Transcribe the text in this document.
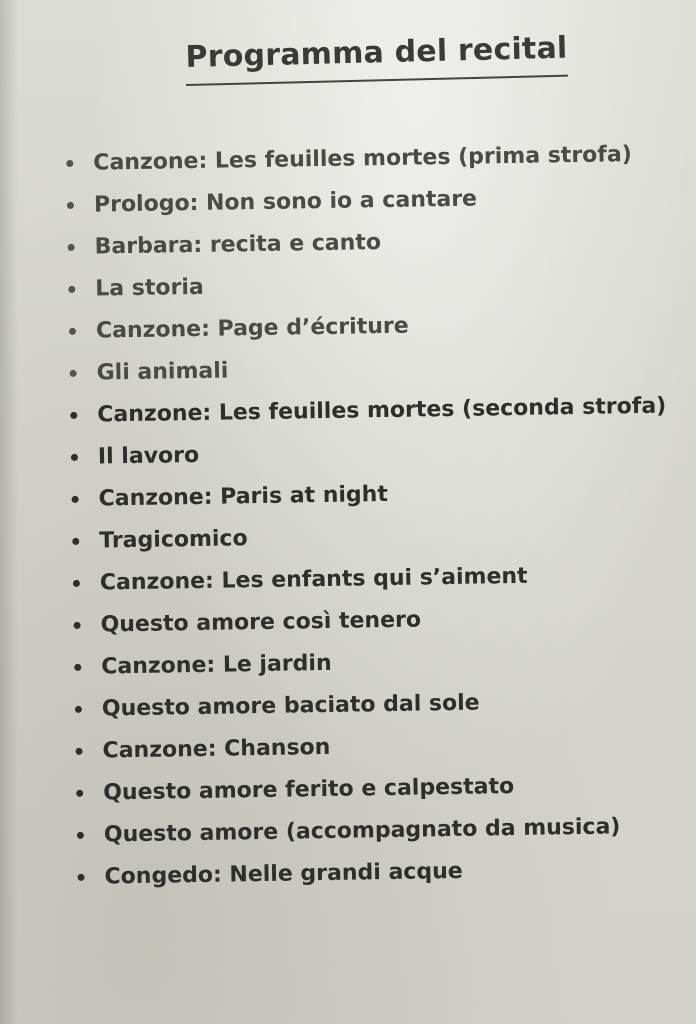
Programma del recital
Canzone: Les feuilles mortes (prima strofa)
Prologo: Non sono io a cantare
Barbara: recita e canto
La storia
Canzone: Page d’écriture
Gli animali
Canzone: Les feuilles mortes (seconda strofa)
Il lavoro
Canzone: Paris at night
Tragicomico
Canzone: Les enfants qui s’aiment
Questo amore così tenero
Canzone: Le jardin
Questo amore baciato dal sole
Canzone: Chanson
Questo amore ferito e calpestato
Questo amore (accompagnato da musica)
Congedo: Nelle grandi acque
